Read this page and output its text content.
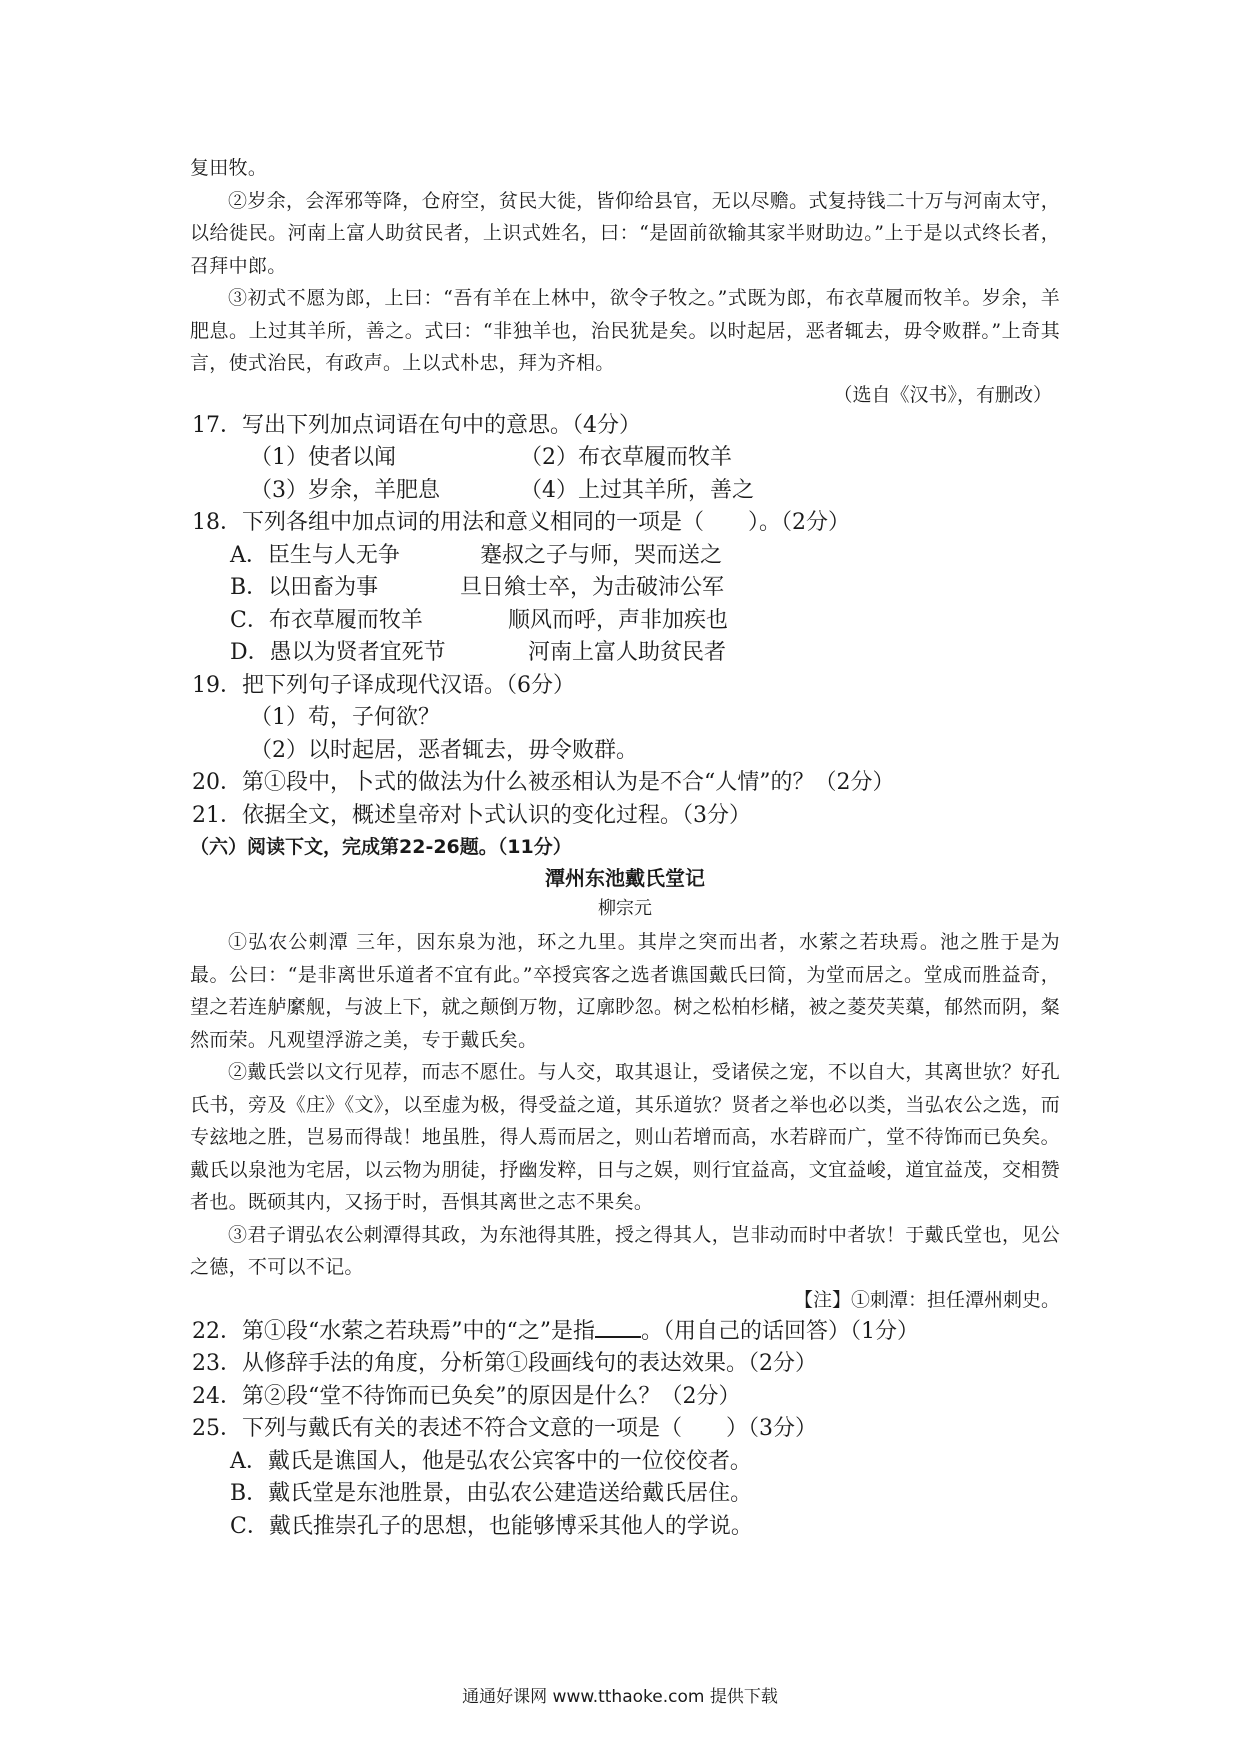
复田牧。

②岁余，会浑邪等降，仓府空，贫民大徙，皆仰给县官，无以尽赡。式复持钱二十万与河南太守，以给徙民。河南上富人助贫民者，上识式姓名，曰：“是固前欲输其家半财助边。”上于是以式终长者，召拜中郎。

③初式不愿为郎，上曰：“吾有羊在上林中，欲令子牧之。”式既为郎，布衣草履而牧羊。岁余，羊肥息。上过其羊所，善之。式曰：“非独羊也，治民犹是矣。以时起居，恶者辄去，毋令败群。”上奇其言，使式治民，有政声。上以式朴忠，拜为齐相。

（选自《汉书》，有删改）

17．写出下列加点词语在句中的意思。（4分）

（1）使者以闻	（2）布衣草履而牧羊

（3）岁余，羊肥息	（4）上过其羊所，善之

18．下列各组中加点词的用法和意义相同的一项是（　　）。（2分）

A．臣生与人无争	蹇叔之子与师，哭而送之

B．以田畜为事	旦日飨士卒，为击破沛公军

C．布衣草履而牧羊	顺风而呼，声非加疾也

D．愚以为贤者宜死节	河南上富人助贫民者

19．把下列句子译成现代汉语。（6分）

（1）苟，子何欲？

（2）以时起居，恶者辄去，毋令败群。

20．第①段中，卜式的做法为什么被丞相认为是不合“人情”的？（2分）

21．依据全文，概述皇帝对卜式认识的变化过程。（3分）

（六）阅读下文，完成第22-26题。（11分）

潭州东池戴氏堂记

柳宗元

①弘农公刺潭 三年，因东泉为池，环之九里。其岸之突而出者，水萦之若玦焉。池之胜于是为最。公曰：“是非离世乐道者不宜有此。”卒授宾客之选者谯国戴氏曰简，为堂而居之。堂成而胜益奇，望之若连舻縻舰，与波上下，就之颠倒万物，辽廓眇忽。树之松柏杉槠，被之菱芡芙蕖，郁然而阴，粲然而荣。凡观望浮游之美，专于戴氏矣。

②戴氏尝以文行见荐，而志不愿仕。与人交，取其退让，受诸侯之宠，不以自大，其离世欤？好孔氏书，旁及《庄》《文》，以至虚为极，得受益之道，其乐道欤？贤者之举也必以类，当弘农公之选，而专玆地之胜，岂易而得哉！地虽胜，得人焉而居之，则山若增而高，水若辟而广，堂不待饰而已奂矣。戴氏以泉池为宅居，以云物为朋徒，抒幽发粹，日与之娱，则行宜益高，文宜益峻，道宜益茂，交相赞者也。既硕其内，又扬于时，吾惧其离世之志不果矣。

③君子谓弘农公刺潭得其政，为东池得其胜，授之得其人，岂非动而时中者欤！于戴氏堂也，见公之德，不可以不记。

【注】①刺潭：担任潭州刺史。

22．第①段“水萦之若玦焉”中的“之”是指 。（用自己的话回答）（1分）

23．从修辞手法的角度，分析第①段画线句的表达效果。（2分）

24．第②段“堂不待饰而已奂矣”的原因是什么？（2分）

25．下列与戴氏有关的表述不符合文意的一项是（　　）（3分）

A．戴氏是谯国人，他是弘农公宾客中的一位佼佼者。

B．戴氏堂是东池胜景，由弘农公建造送给戴氏居住。

C．戴氏推崇孔子的思想，也能够博采其他人的学说。

通通好课网 www.tthaoke.com 提供下载
